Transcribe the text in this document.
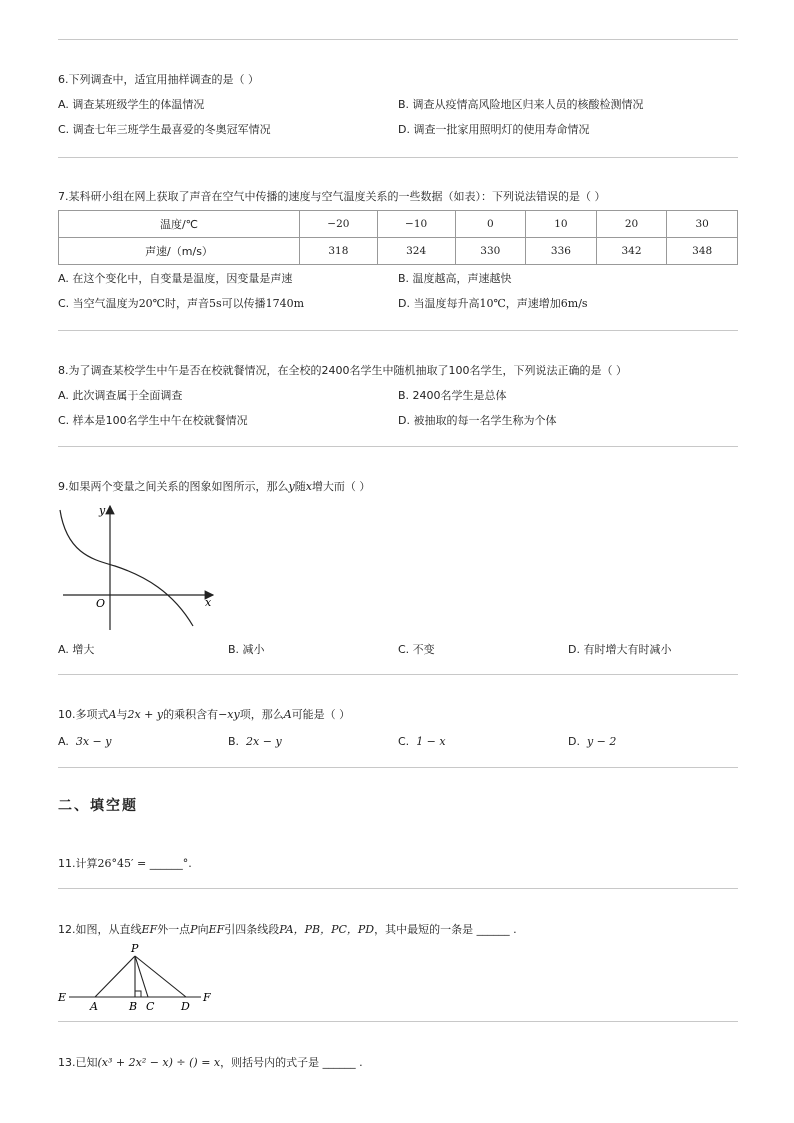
6.下列调查中，适宜用抽样调查的是（ ）
A. 调查某班级学生的体温情况	B. 调查从疫情高风险地区归来人员的核酸检测情况
C. 调查七年三班学生最喜爱的冬奥冠军情况	D. 调查一批家用照明灯的使用寿命情况
7.某科研小组在网上获取了声音在空气中传播的速度与空气温度关系的一些数据（如表）：下列说法错误的是（ ）
温度/℃	−20	−10	0	10	20	30
声速/（m/s）	318	324	330	336	342	348
A. 在这个变化中，自变量是温度，因变量是声速	B. 温度越高，声速越快
C. 当空气温度为20℃时，声音5s可以传播1740m	D. 当温度每升高10℃，声速增加6m/s
8.为了调查某校学生中午是否在校就餐情况，在全校的2400名学生中随机抽取了100名学生，下列说法正确的是（ ）
A. 此次调查属于全面调查	B. 2400名学生是总体
C. 样本是100名学生中午在校就餐情况	D. 被抽取的每一名学生称为个体
9.如果两个变量之间关系的图象如图所示，那么y随x增大而（ ）
y
x
O
A. 增大	B. 减小	C. 不变	D. 有时增大有时减小
10.多项式A与2x + y的乘积含有−xy项，那么A可能是（ ）
A. 3x − y	B. 2x − y	C. 1 − x	D. y − 2
二、填空题
11.计算26°45′ = ______°.
12.如图，从直线EF外一点P向EF引四条线段PA，PB，PC，PD，其中最短的一条是 ______ .
P
E	F
A	B C D
13.已知(x³ + 2x² − x) ÷ () = x，则括号内的式子是 ______ .
